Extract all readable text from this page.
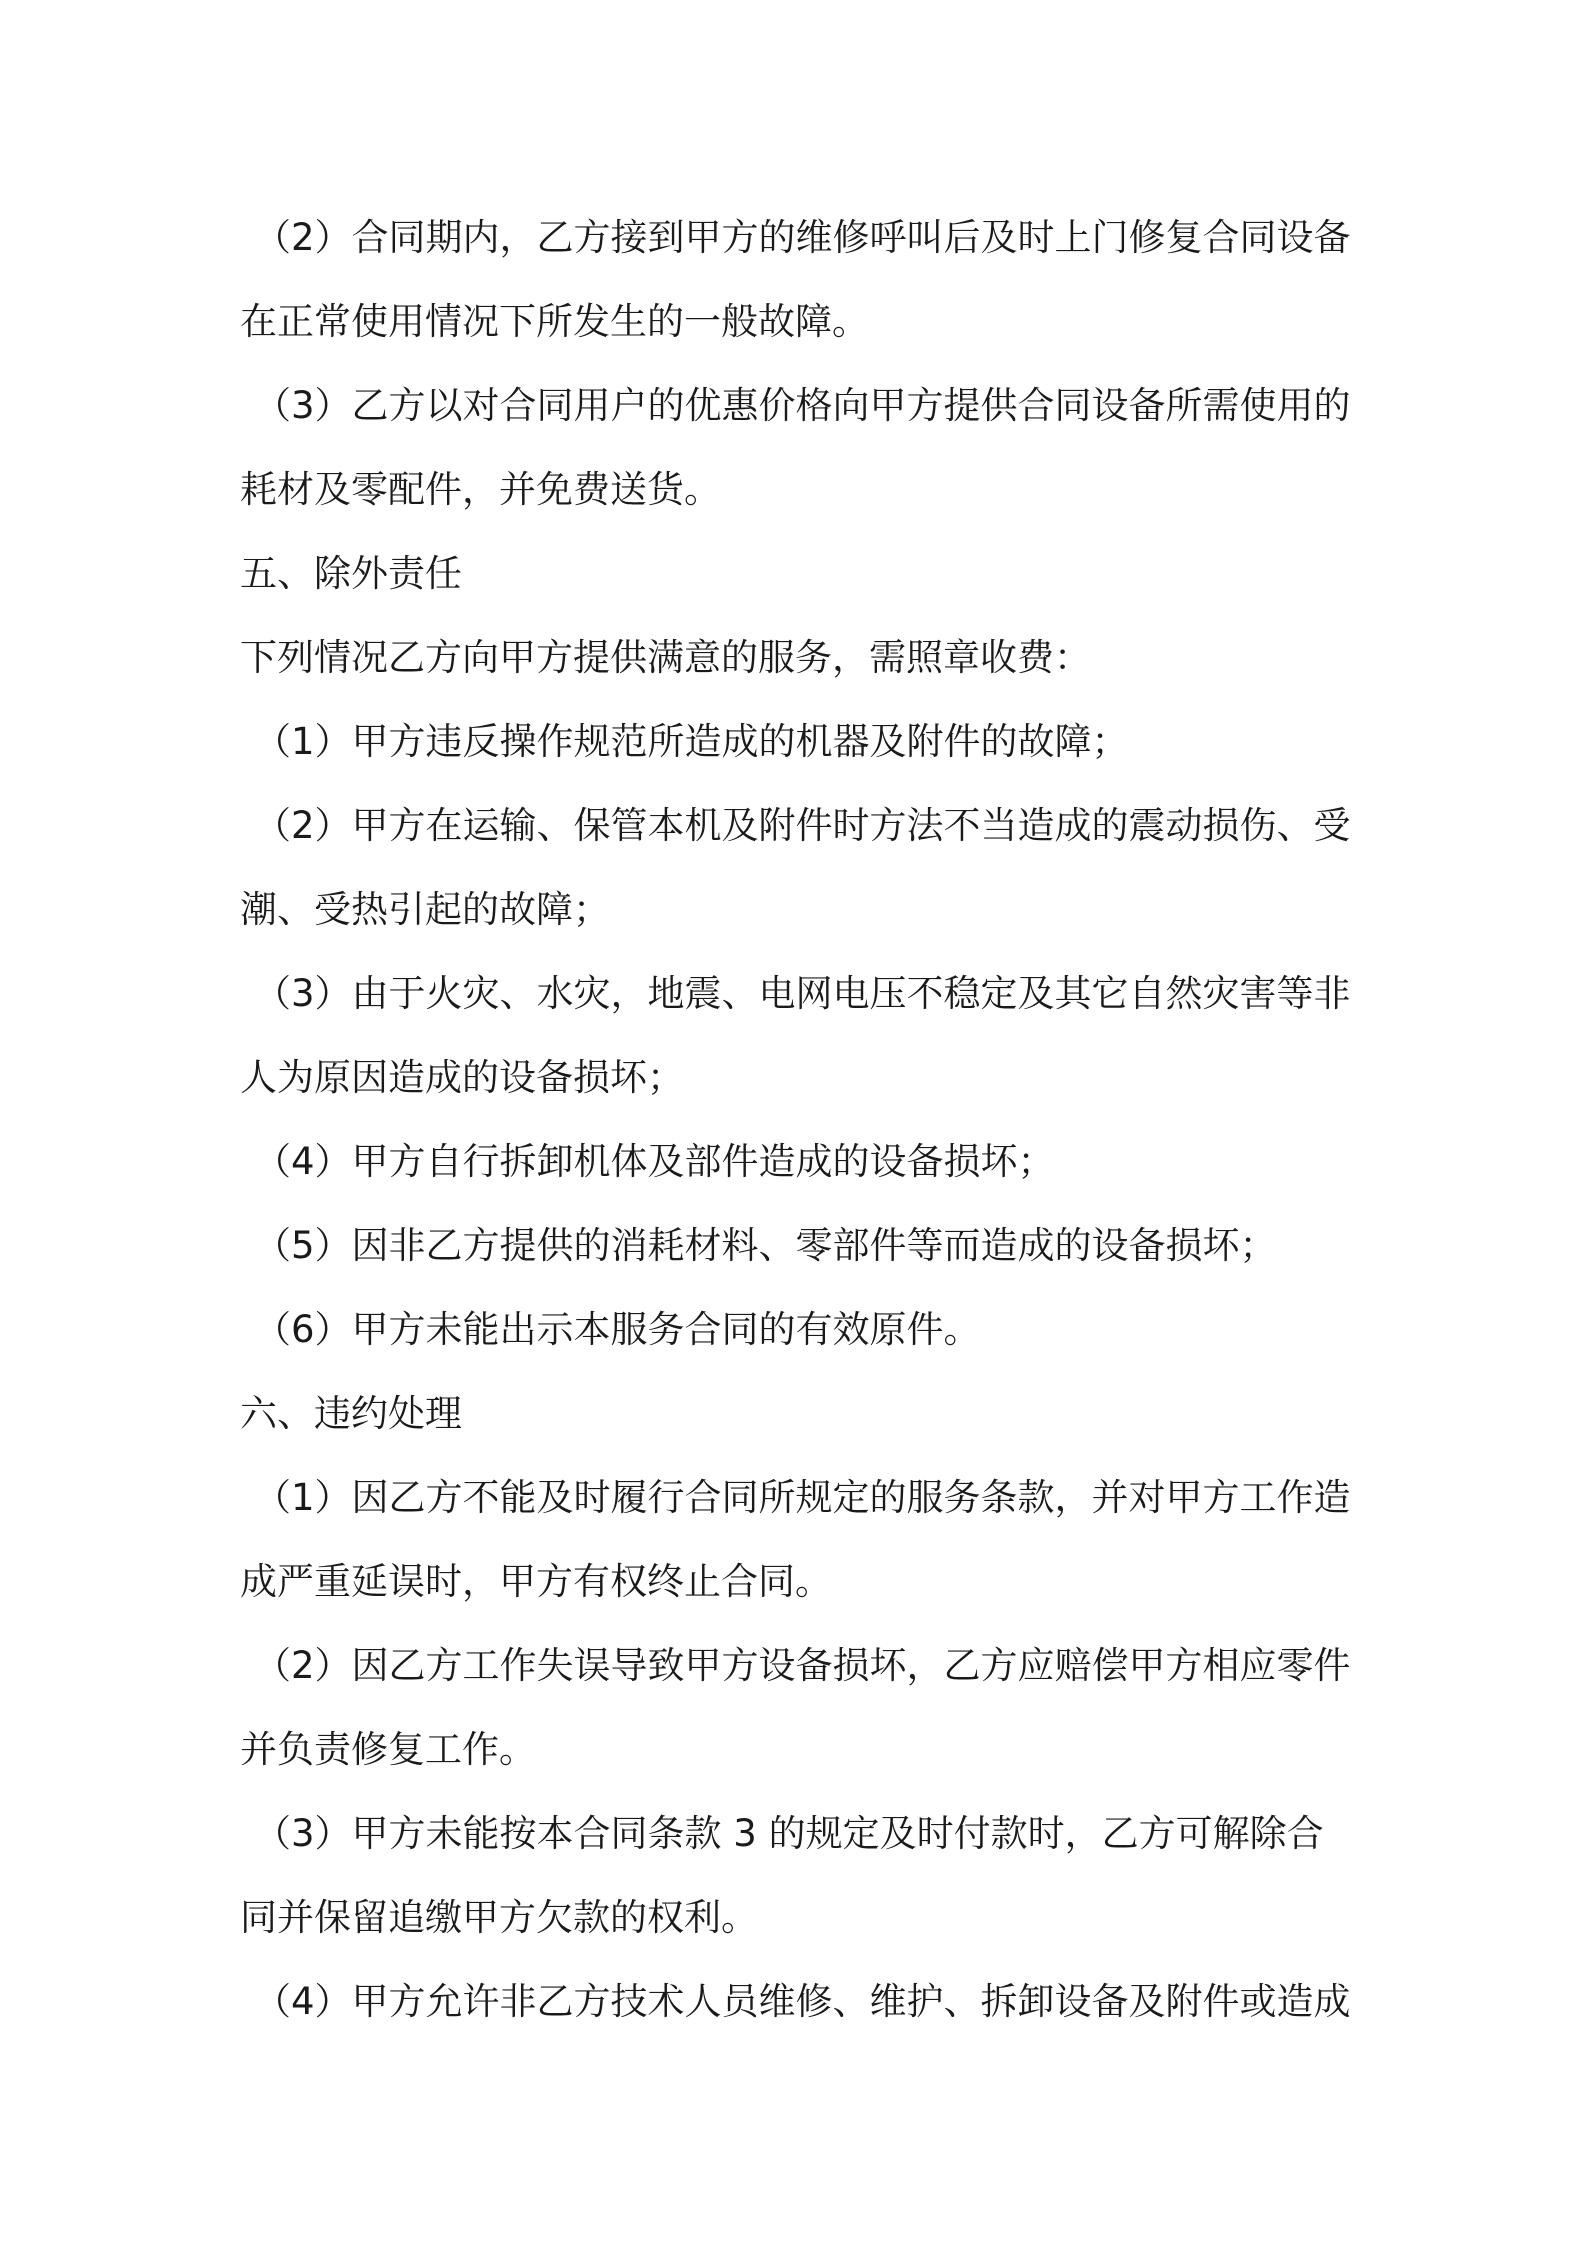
（2）合同期内，乙方接到甲方的维修呼叫后及时上门修复合同设备在正常使用情况下所发生的一般故障。

（3）乙方以对合同用户的优惠价格向甲方提供合同设备所需使用的耗材及零配件，并免费送货。

五、除外责任

下列情况乙方向甲方提供满意的服务，需照章收费：

（1）甲方违反操作规范所造成的机器及附件的故障；

（2）甲方在运输、保管本机及附件时方法不当造成的震动损伤、受潮、受热引起的故障；

（3）由于火灾、水灾，地震、电网电压不稳定及其它自然灾害等非人为原因造成的设备损坏；

（4）甲方自行拆卸机体及部件造成的设备损坏；

（5）因非乙方提供的消耗材料、零部件等而造成的设备损坏；

（6）甲方未能出示本服务合同的有效原件。

六、违约处理

（1）因乙方不能及时履行合同所规定的服务条款，并对甲方工作造成严重延误时，甲方有权终止合同。

（2）因乙方工作失误导致甲方设备损坏，乙方应赔偿甲方相应零件并负责修复工作。

（3）甲方未能按本合同条款 3 的规定及时付款时，乙方可解除合同并保留追缴甲方欠款的权利。

（4）甲方允许非乙方技术人员维修、维护、拆卸设备及附件或造成
